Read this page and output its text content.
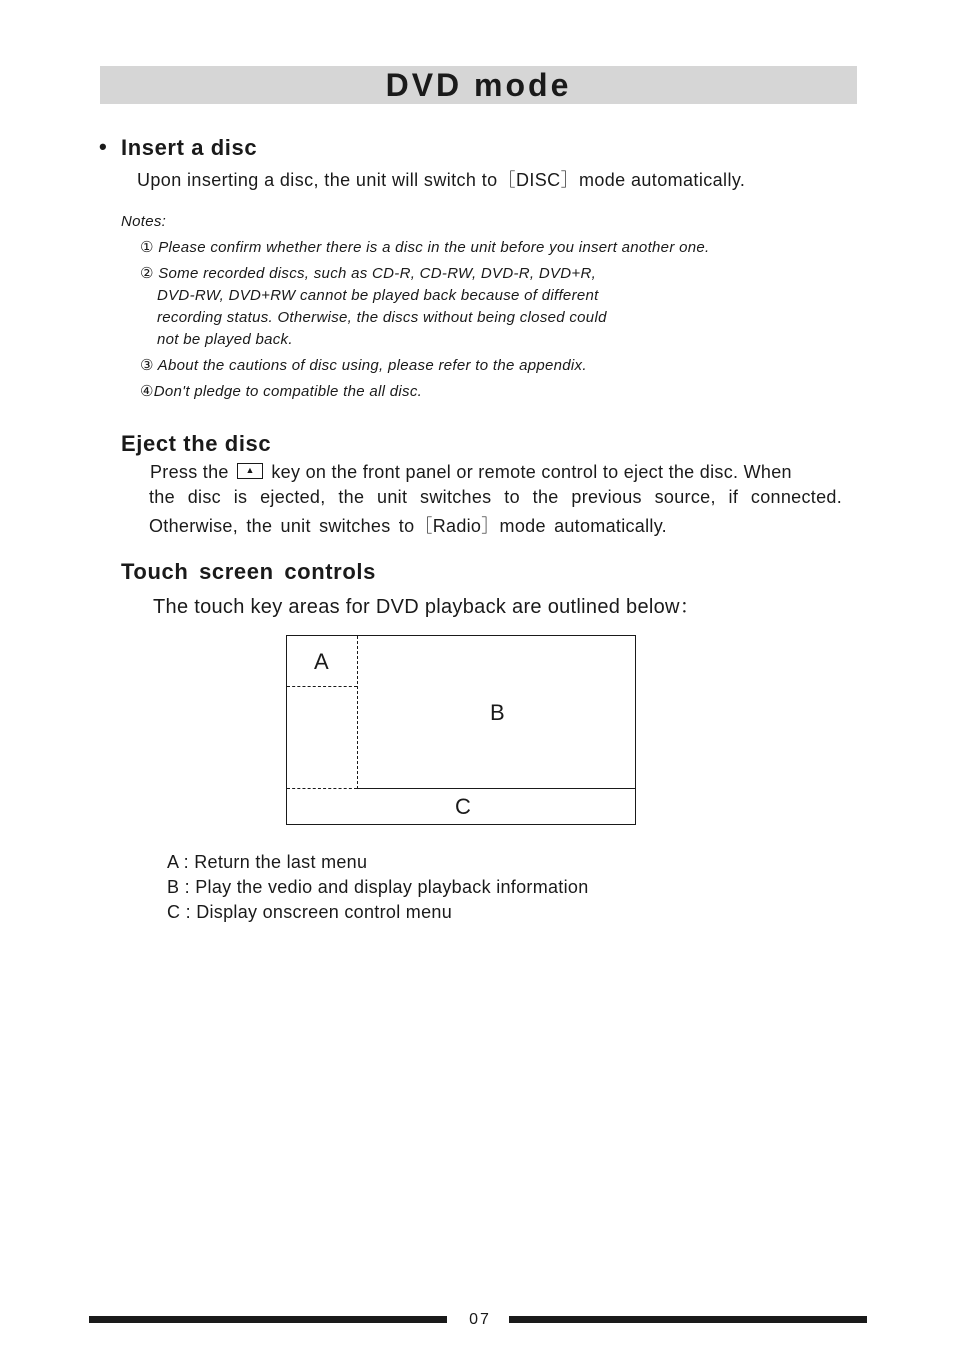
DVD mode
• Insert a disc
Upon inserting a disc, the unit will switch to［DISC］mode automatically.
Notes:
① Please confirm whether there is a disc in the unit before you insert another one.
② Some recorded discs, such as CD-R, CD-RW, DVD-R, DVD+R,
DVD-RW, DVD+RW cannot be played back because of different
recording status. Otherwise, the discs without being closed could
not be played back.
③ About the cautions of disc using, please refer to the appendix.
④Don't pledge to compatible the all disc.
Eject the disc
Press the	▲ key on the front panel or remote control to eject the disc. When
the disc is ejected, the unit switches to the previous source, if connected.
Otherwise, the unit switches to［Radio］mode automatically.
Touch screen controls
The touch key areas for DVD playback are outlined below：
A
B
C
A : Return the last menu
B : Play the vedio and display playback information
C : Display onscreen control menu
07
